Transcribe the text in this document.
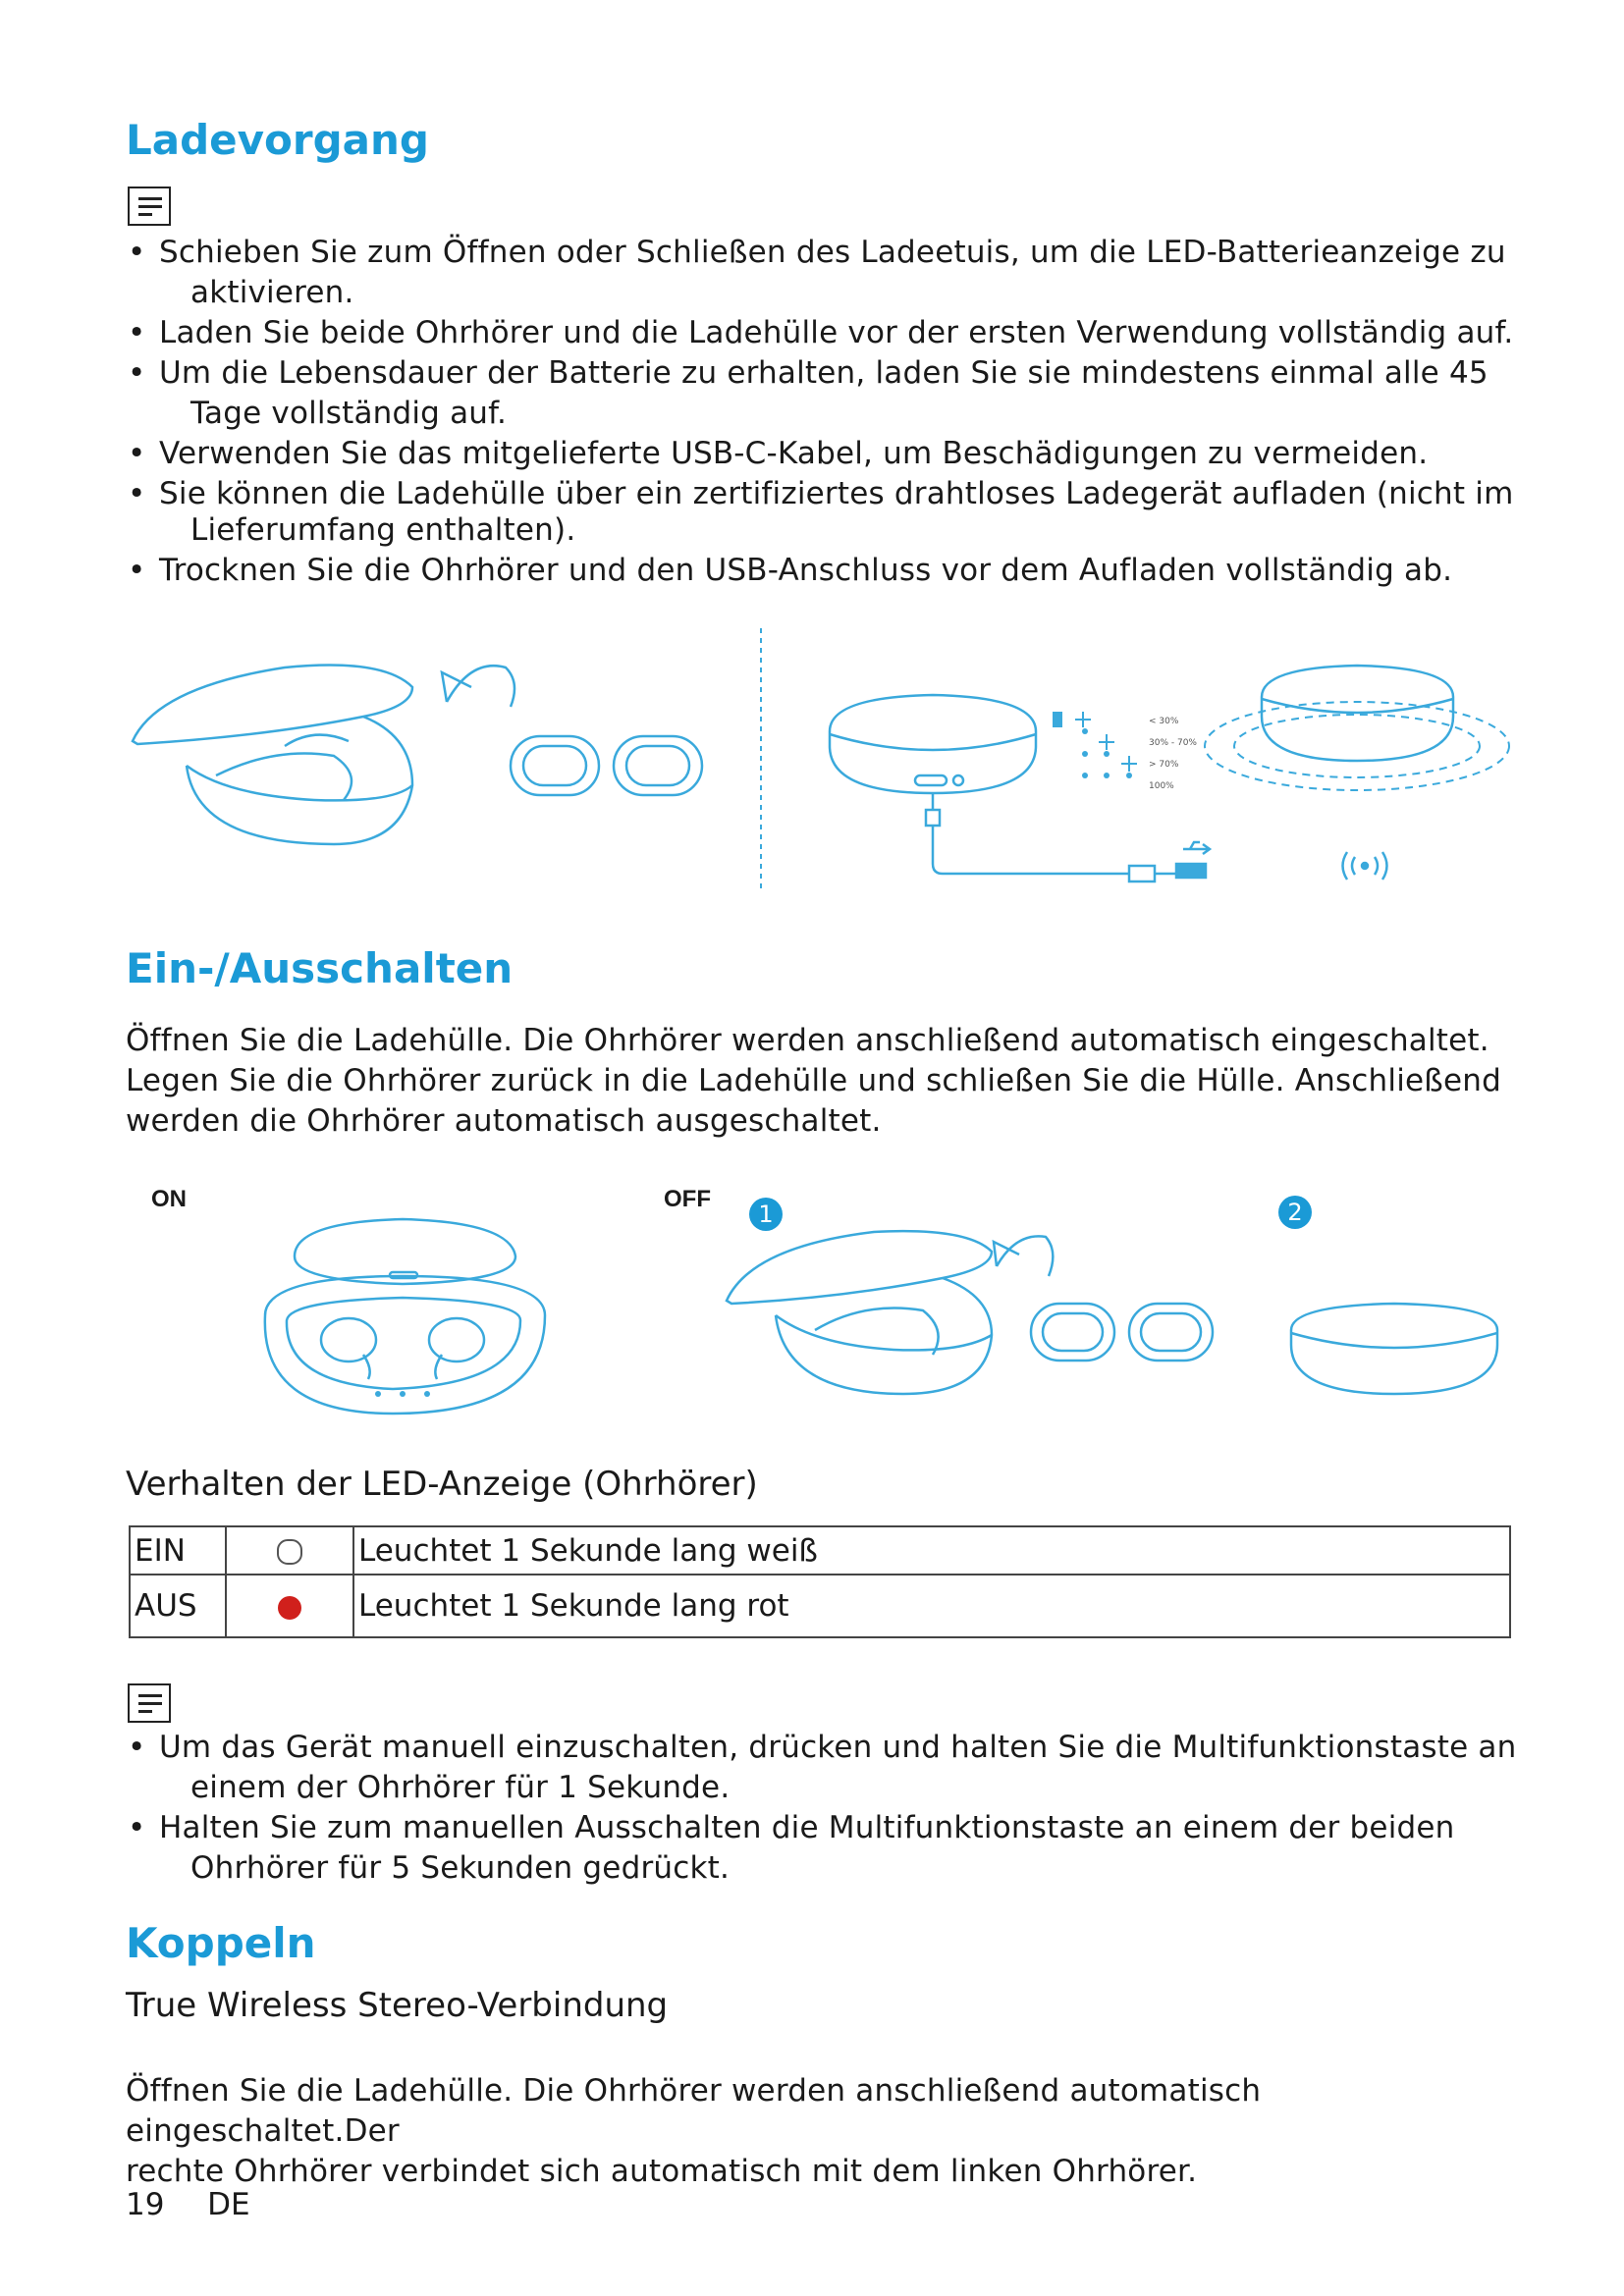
Ladevorgang
• Schieben Sie zum Öffnen oder Schließen des Ladeetuis, um die LED-Batterieanzeige zu
aktivieren.
• Laden Sie beide Ohrhörer und die Ladehülle vor der ersten Verwendung vollständig auf.
• Um die Lebensdauer der Batterie zu erhalten, laden Sie sie mindestens einmal alle 45
Tage vollständig auf.
• Verwenden Sie das mitgelieferte USB-C-Kabel, um Beschädigungen zu vermeiden.
• Sie können die Ladehülle über ein zertifiziertes drahtloses Ladegerät aufladen (nicht im
Lieferumfang enthalten).
• Trocknen Sie die Ohrhörer und den USB-Anschluss vor dem Aufladen vollständig ab.
< 30%
30% - 70%
> 70%
100%
Ein-/Ausschalten
Öffnen Sie die Ladehülle. Die Ohrhörer werden anschließend automatisch eingeschaltet.
Legen Sie die Ohrhörer zurück in die Ladehülle und schließen Sie die Hülle. Anschließend
werden die Ohrhörer automatisch ausgeschaltet.
ON	OFF
1	2
Verhalten der LED-Anzeige (Ohrhörer)
EIN		Leuchtet 1 Sekunde lang weiß
AUS		Leuchtet 1 Sekunde lang rot
• Um das Gerät manuell einzuschalten, drücken und halten Sie die Multifunktionstaste an
einem der Ohrhörer für 1 Sekunde.
• Halten Sie zum manuellen Ausschalten die Multifunktionstaste an einem der beiden
Ohrhörer für 5 Sekunden gedrückt.
Koppeln
True Wireless Stereo-Verbindung
Öffnen Sie die Ladehülle. Die Ohrhörer werden anschließend automatisch eingeschaltet.Der
rechte Ohrhörer verbindet sich automatisch mit dem linken Ohrhörer.
19 DE
